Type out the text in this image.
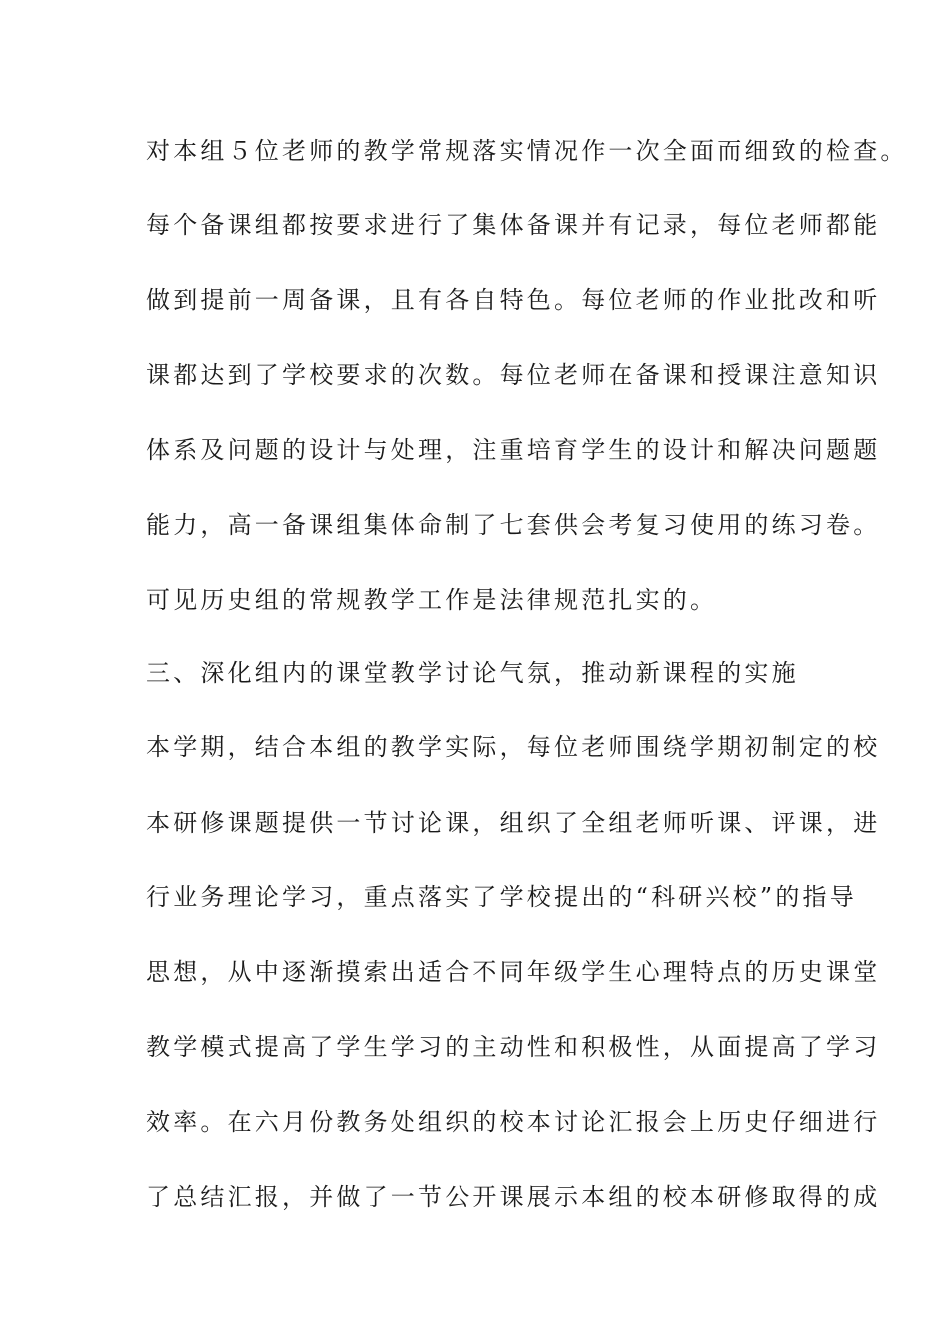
对本组５位老师的教学常规落实情况作一次全面而细致的检查。
每个备课组都按要求进行了集体备课并有记录，每位老师都能
做到提前一周备课，且有各自特色。每位老师的作业批改和听
课都达到了学校要求的次数。每位老师在备课和授课注意知识
体系及问题的设计与处理，注重培育学生的设计和解决问题题
能力，高一备课组集体命制了七套供会考复习使用的练习卷。
可见历史组的常规教学工作是法律规范扎实的。
三、深化组内的课堂教学讨论气氛，推动新课程的实施
本学期，结合本组的教学实际，每位老师围绕学期初制定的校
本研修课题提供一节讨论课，组织了全组老师听课、评课，进
行业务理论学习，重点落实了学校提出的“科研兴校”的指导
思想，从中逐渐摸索出适合不同年级学生心理特点的历史课堂
教学模式提高了学生学习的主动性和积极性，从面提高了学习
效率。在六月份教务处组织的校本讨论汇报会上历史仔细进行
了总结汇报，并做了一节公开课展示本组的校本研修取得的成
